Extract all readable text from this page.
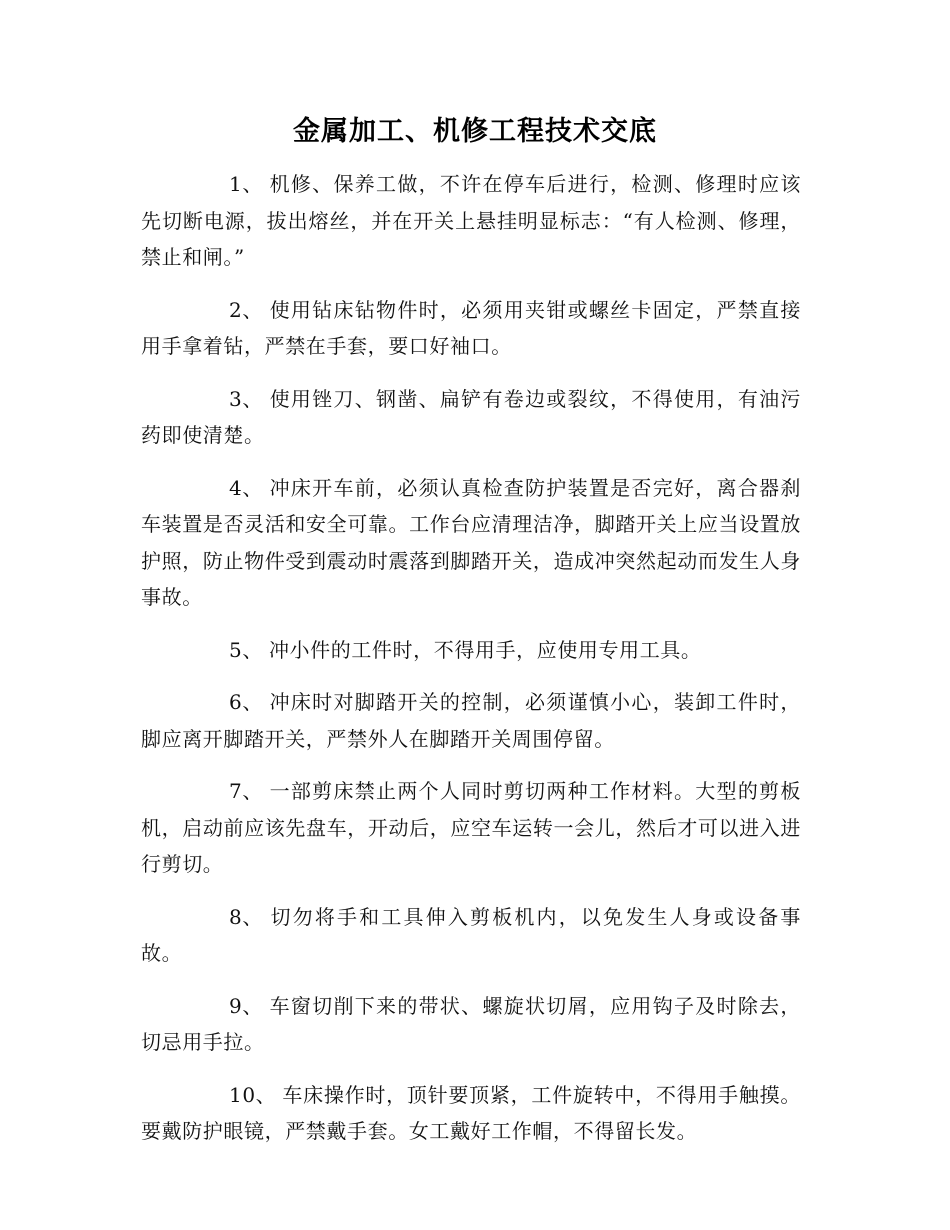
金属加工、机修工程技术交底

1、 机修、保养工做，不许在停车后进行，检测、修理时应该先切断电源，拔出熔丝，并在开关上悬挂明显标志：“有人检测、修理，禁止和闸。”

2、 使用钻床钻物件时，必须用夹钳或螺丝卡固定，严禁直接用手拿着钻，严禁在手套，要口好袖口。

3、 使用锉刀、钢凿、扁铲有卷边或裂纹，不得使用，有油污药即使清楚。

4、 冲床开车前，必须认真检查防护装置是否完好，离合器刹车装置是否灵活和安全可靠。工作台应清理洁净，脚踏开关上应当设置放护照，防止物件受到震动时震落到脚踏开关，造成冲突然起动而发生人身事故。

5、 冲小件的工件时，不得用手，应使用专用工具。

6、 冲床时对脚踏开关的控制，必须谨慎小心，装卸工件时，脚应离开脚踏开关，严禁外人在脚踏开关周围停留。

7、 一部剪床禁止两个人同时剪切两种工作材料。大型的剪板机，启动前应该先盘车，开动后，应空车运转一会儿，然后才可以进入进行剪切。

8、 切勿将手和工具伸入剪板机内，以免发生人身或设备事故。

9、 车窗切削下来的带状、螺旋状切屑，应用钩子及时除去，切忌用手拉。

10、 车床操作时，顶针要顶紧，工件旋转中，不得用手触摸。要戴防护眼镜，严禁戴手套。女工戴好工作帽，不得留长发。
